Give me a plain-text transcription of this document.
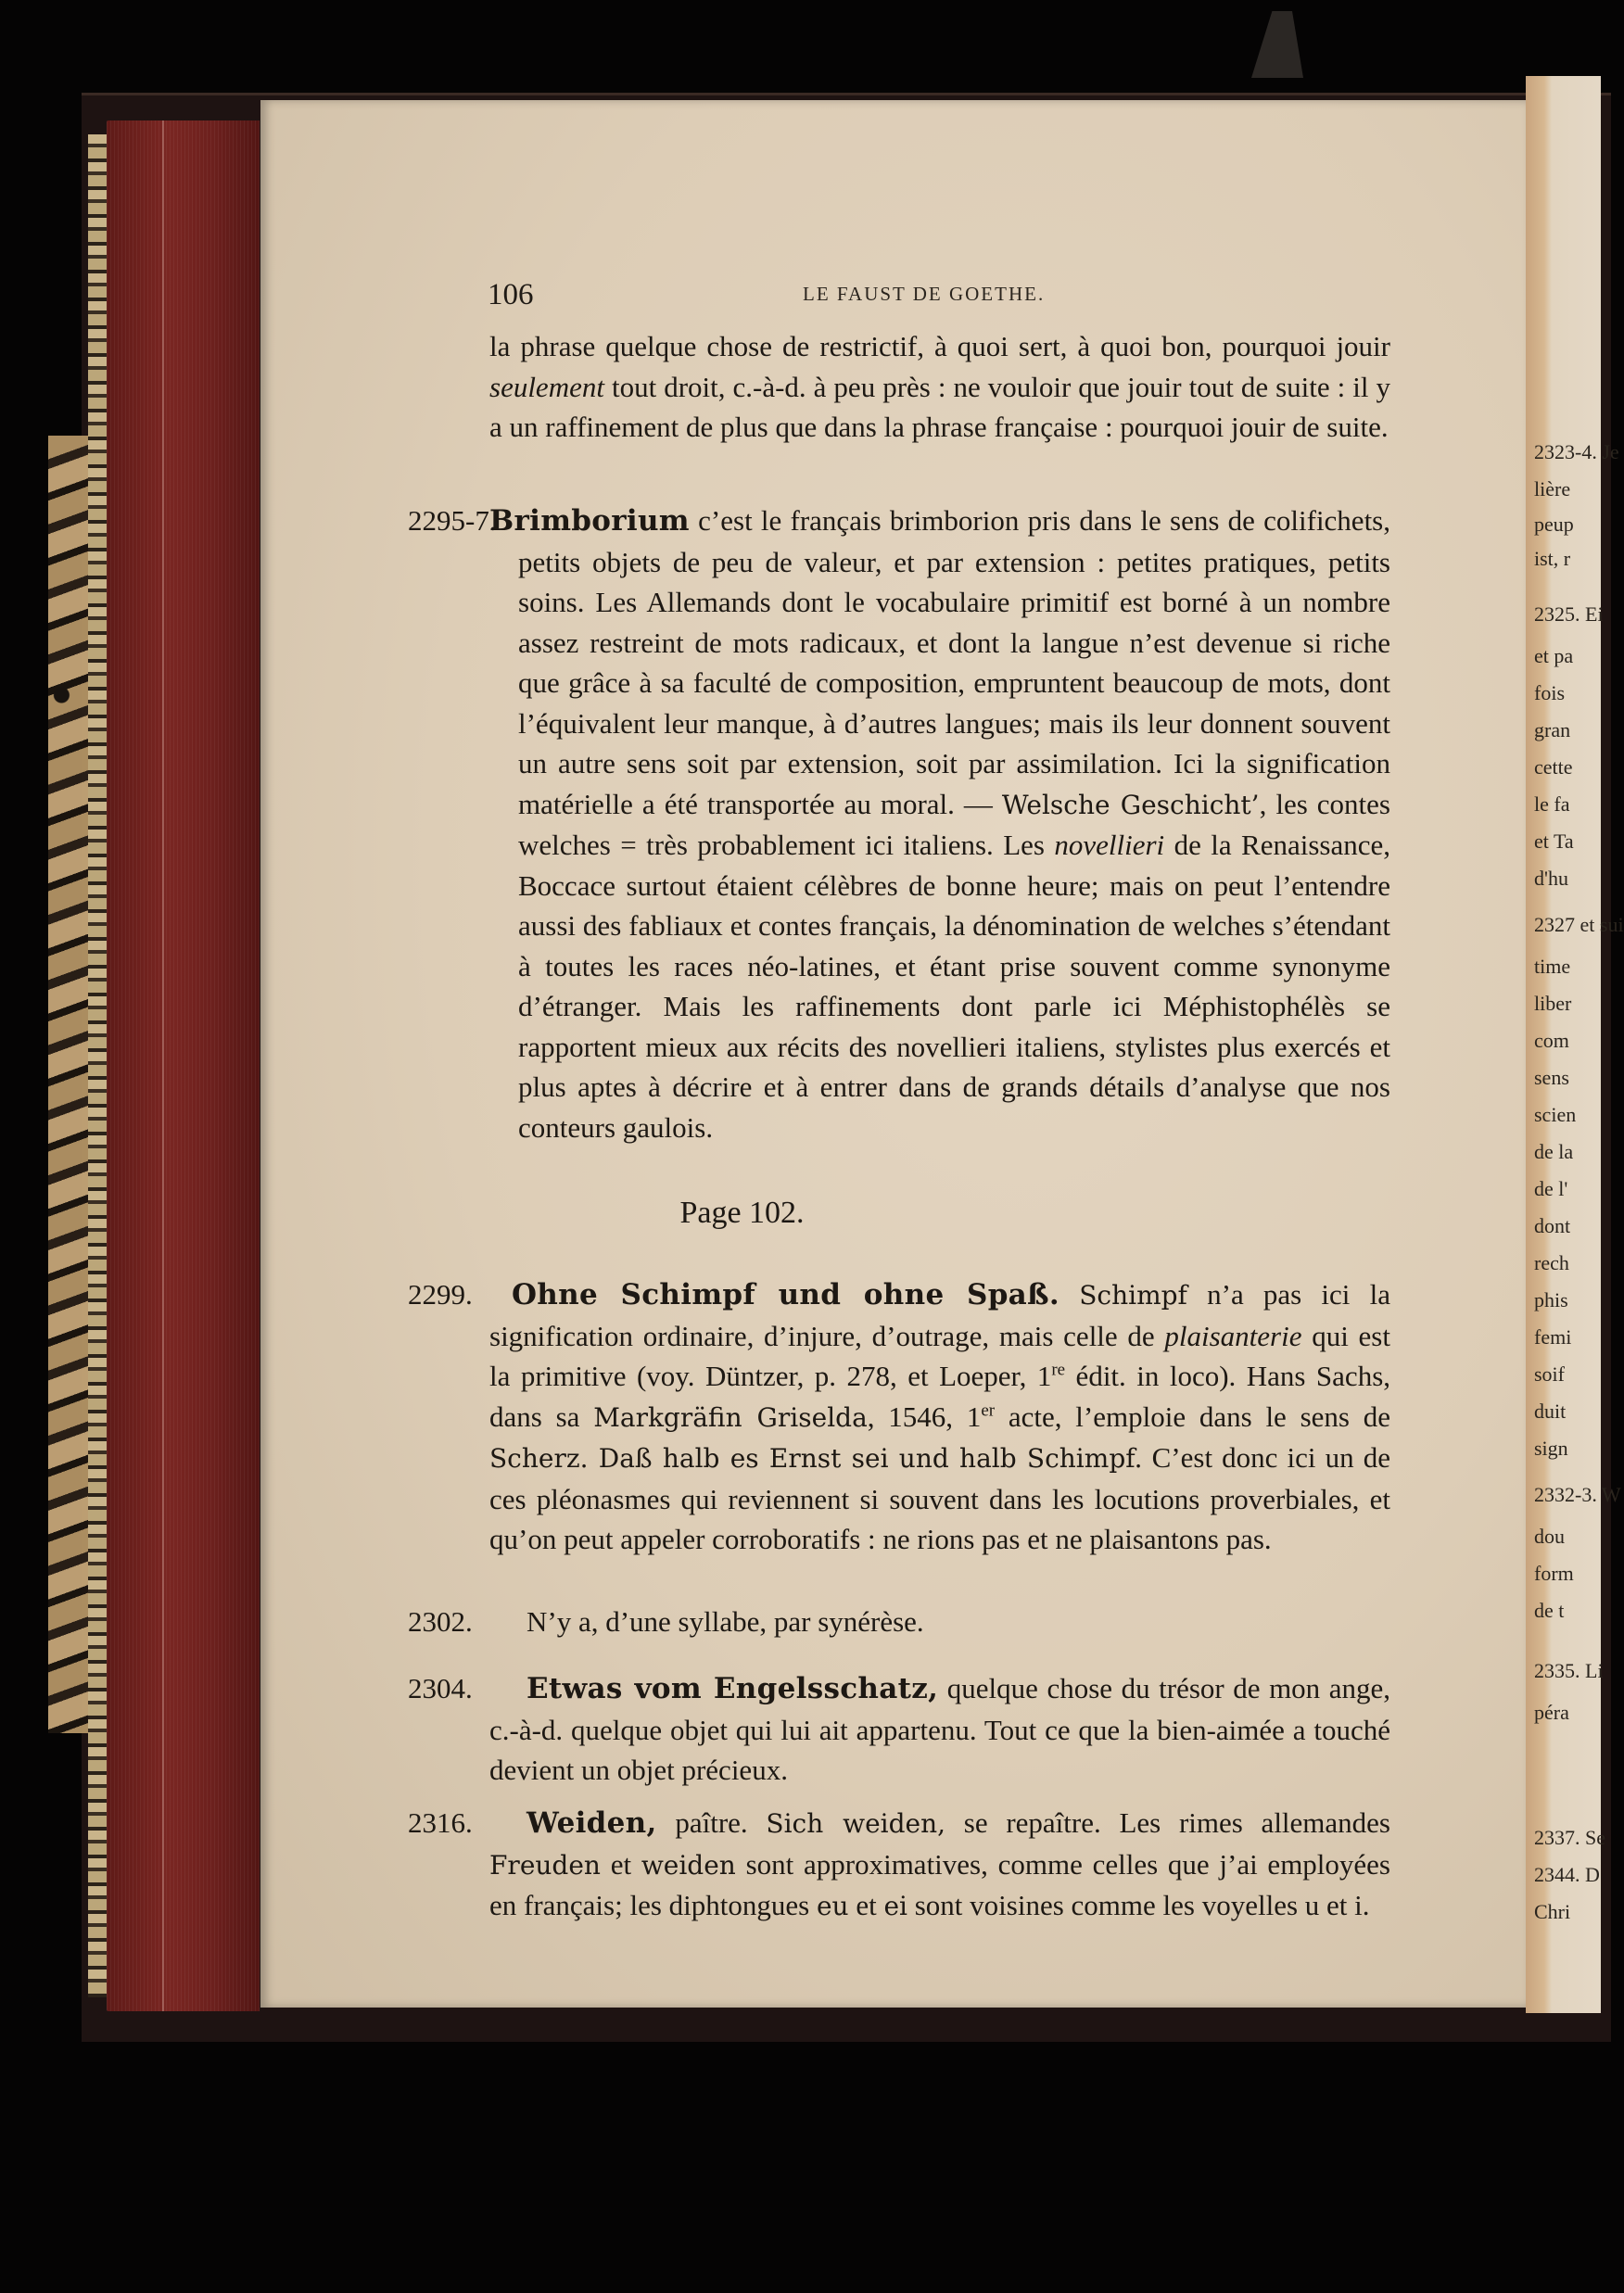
106	LE FAUST DE GOETHE.
la phrase quelque chose de restrictif, à quoi sert, à quoi bon, pourquoi jouir seulement tout droit, c.-à-d. à peu près : ne vouloir que jouir tout de suite : il y a un raffinement de plus que dans la phrase française : pourquoi jouir de suite.
2295-7.
Brimborium c’est le français brimborion pris dans le sens de colifichets, petits objets de peu de valeur, et par extension : petites pratiques, petits soins. Les Allemands dont le vocabulaire primitif est borné à un nombre assez restreint de mots radicaux, et dont la langue n’est devenue si riche que grâce à sa faculté de composition, empruntent beaucoup de mots, dont l’équivalent leur manque, à d’autres langues; mais ils leur donnent souvent un autre sens soit par extension, soit par assimilation. Ici la signification matérielle a été transportée au moral. — Welsche Geschicht’, les contes welches = très probablement ici italiens. Les novellieri de la Renaissance, Boccace surtout étaient célèbres de bonne heure; mais on peut l’entendre aussi des fabliaux et contes français, la dénomination de welches s’étendant à toutes les races néo-latines, et étant prise souvent comme synonyme d’étranger. Mais les raffinements dont parle ici Méphistophélès se rapportent mieux aux récits des novellieri italiens, stylistes plus exercés et plus aptes à décrire et à entrer dans de grands détails d’analyse que nos conteurs gaulois.
Page 102.
2299.	Ohne Schimpf und ohne Spaß. Schimpf n’a pas ici la signification ordinaire, d’injure, d’outrage, mais celle de plaisanterie qui est la primitive (voy. Düntzer, p. 278, et Loeper, 1re édit. in loco). Hans Sachs, dans sa Markgräfin Griselda, 1546, 1er acte, l’emploie dans le sens de Scherz. Daß halb es Ernst sei und halb Schimpf. C’est donc ici un de ces pléonasmes qui reviennent si souvent dans les locutions proverbiales, et qu’on peut appeler corroboratifs : ne rions pas et ne plaisantons pas.
2302. N’y a, d’une syllabe, par synérèse.
2304.	Etwas vom Engelsschatz, quelque chose du trésor de mon ange, c.-à-d. quelque objet qui lui ait appartenu. Tout ce que la bien-aimée a touché devient un objet précieux.
2316.	Weiden, paître. Sich weiden, se repaître. Les rimes allemandes Freuden et weiden sont approximatives, comme celles que j’ai employées en français; les diphtongues eu et ei sont voisines comme les voyelles u et i.
2323-4. Je
lière
peup
ist, r
2325. Ei
et pa
fois
gran
cette
le fa
et Ta
d'hu
2327 et sui
time
liber
com
sens
scien
de la
de l'
dont
rech
phis
femi
soif
duit
sign
2332-3. W
dou
form
de t
2335. Li
péra
2337. Se
2344. D
Chri
